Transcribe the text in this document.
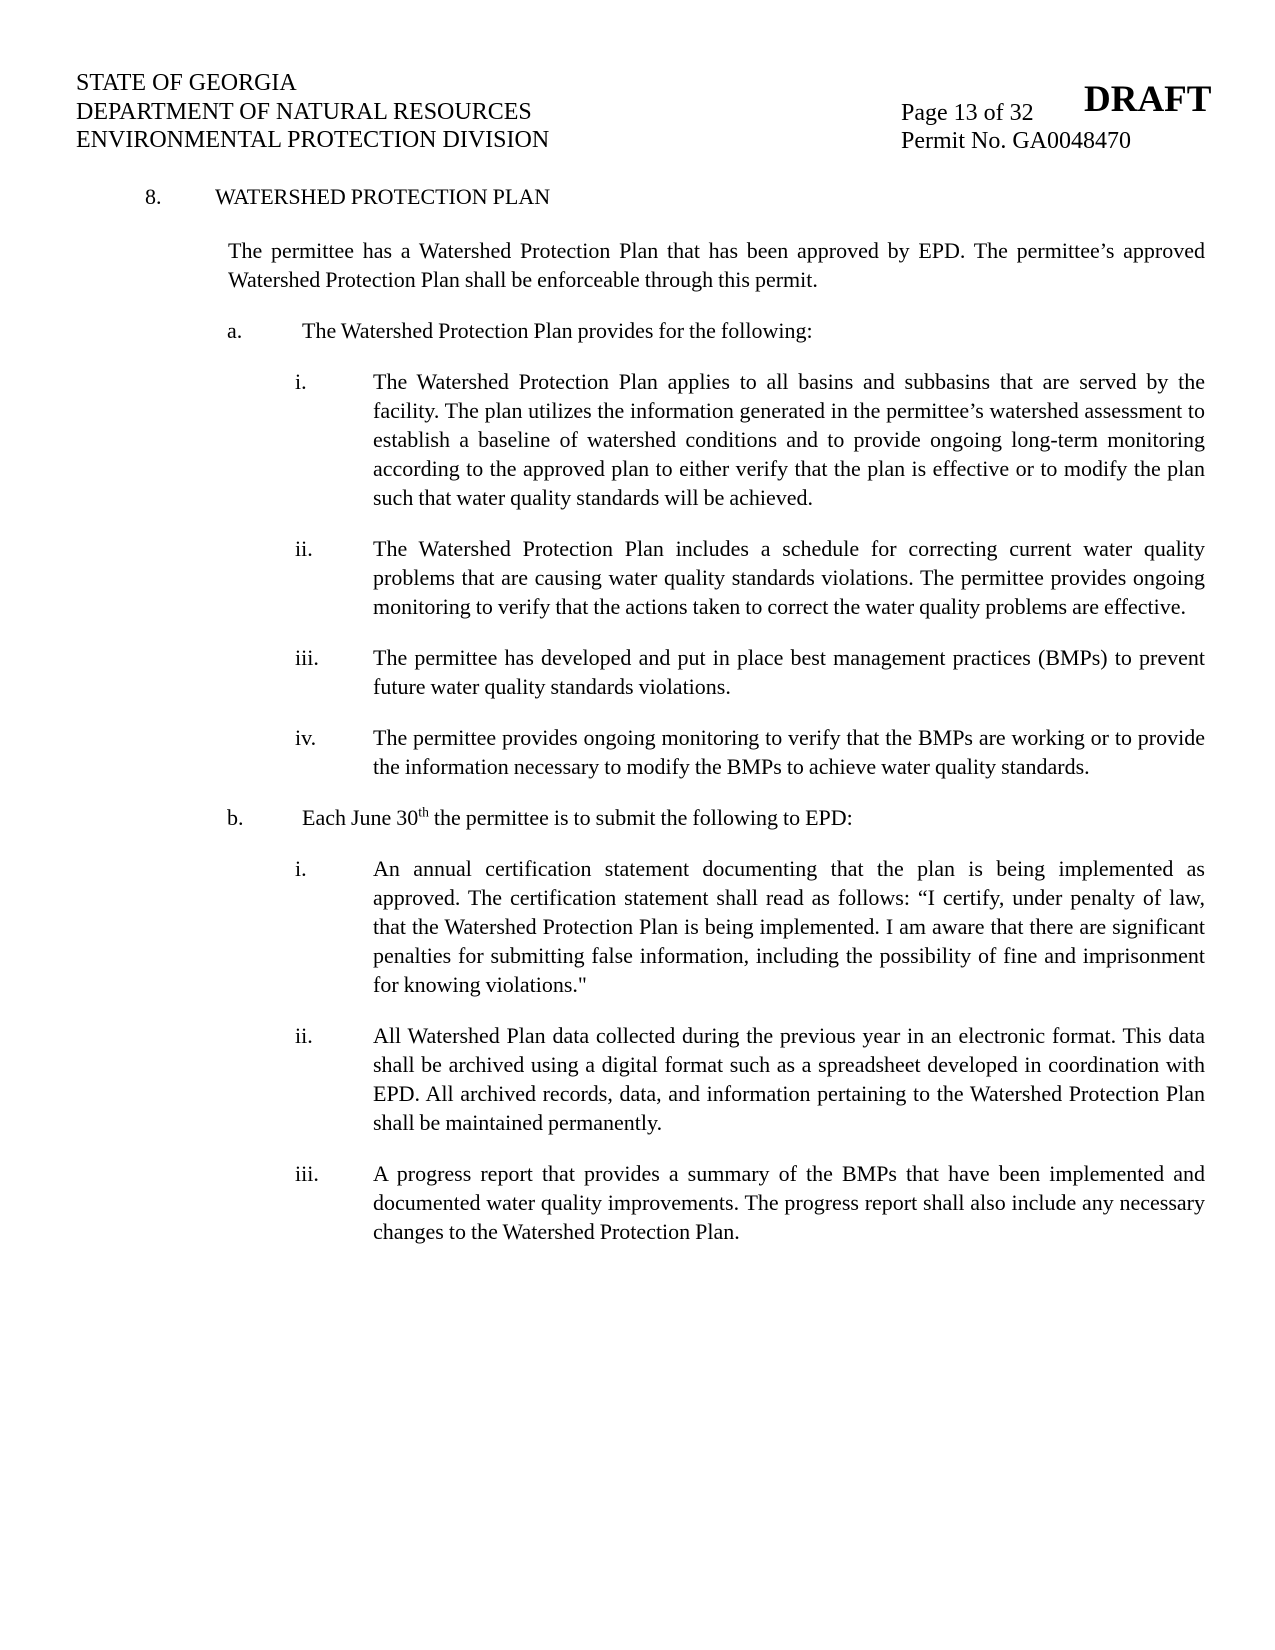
STATE OF GEORGIA
DEPARTMENT OF NATURAL RESOURCES
ENVIRONMENTAL PROTECTION DIVISION
Page 13 of 32
Permit No. GA0048470
DRAFT
8.	WATERSHED PROTECTION PLAN
The permittee has a Watershed Protection Plan that has been approved by EPD. The permittee’s approved Watershed Protection Plan shall be enforceable through this permit.
a.	The Watershed Protection Plan provides for the following:
i.	The Watershed Protection Plan applies to all basins and subbasins that are served by the facility. The plan utilizes the information generated in the permittee’s watershed assessment to establish a baseline of watershed conditions and to provide ongoing long-term monitoring according to the approved plan to either verify that the plan is effective or to modify the plan such that water quality standards will be achieved.
ii.	The Watershed Protection Plan includes a schedule for correcting current water quality problems that are causing water quality standards violations. The permittee provides ongoing monitoring to verify that the actions taken to correct the water quality problems are effective.
iii.	The permittee has developed and put in place best management practices (BMPs) to prevent future water quality standards violations.
iv.	The permittee provides ongoing monitoring to verify that the BMPs are working or to provide the information necessary to modify the BMPs to achieve water quality standards.
b.	Each June 30th the permittee is to submit the following to EPD:
i.	An annual certification statement documenting that the plan is being implemented as approved. The certification statement shall read as follows: “I certify, under penalty of law, that the Watershed Protection Plan is being implemented. I am aware that there are significant penalties for submitting false information, including the possibility of fine and imprisonment for knowing violations."
ii.	All Watershed Plan data collected during the previous year in an electronic format. This data shall be archived using a digital format such as a spreadsheet developed in coordination with EPD. All archived records, data, and information pertaining to the Watershed Protection Plan shall be maintained permanently.
iii.	A progress report that provides a summary of the BMPs that have been implemented and documented water quality improvements. The progress report shall also include any necessary changes to the Watershed Protection Plan.
